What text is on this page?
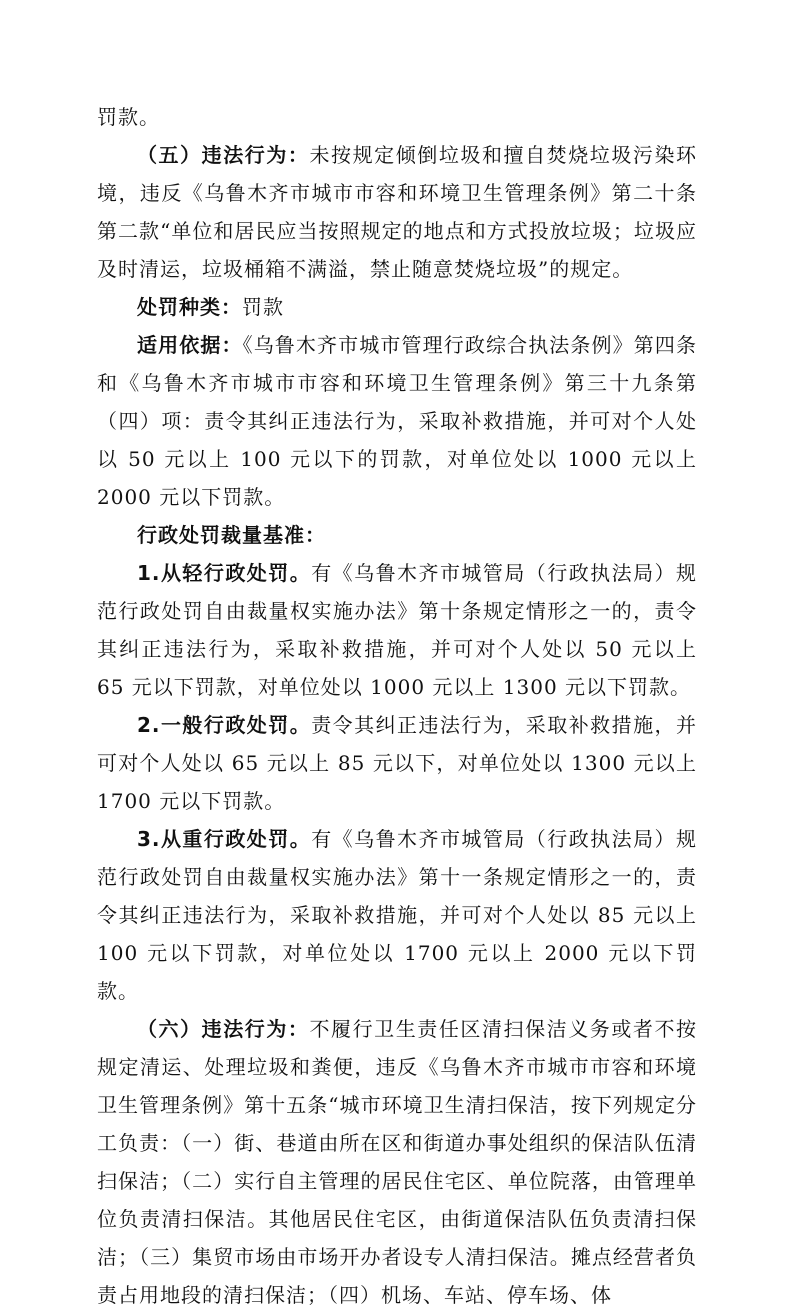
罚款。

（五）违法行为：未按规定倾倒垃圾和擅自焚烧垃圾污染环境，违反《乌鲁木齐市城市市容和环境卫生管理条例》第二十条第二款“单位和居民应当按照规定的地点和方式投放垃圾；垃圾应及时清运，垃圾桶箱不满溢，禁止随意焚烧垃圾”的规定。

处罚种类：罚款

适用依据：《乌鲁木齐市城市管理行政综合执法条例》第四条和《乌鲁木齐市城市市容和环境卫生管理条例》第三十九条第（四）项：责令其纠正违法行为，采取补救措施，并可对个人处以 50 元以上 100 元以下的罚款，对单位处以 1000 元以上 2000 元以下罚款。

行政处罚裁量基准：

1.从轻行政处罚。有《乌鲁木齐市城管局（行政执法局）规范行政处罚自由裁量权实施办法》第十条规定情形之一的，责令其纠正违法行为，采取补救措施，并可对个人处以 50 元以上 65 元以下罚款，对单位处以 1000 元以上 1300 元以下罚款。

2.一般行政处罚。责令其纠正违法行为，采取补救措施，并可对个人处以 65 元以上 85 元以下，对单位处以 1300 元以上 1700 元以下罚款。

3.从重行政处罚。有《乌鲁木齐市城管局（行政执法局）规范行政处罚自由裁量权实施办法》第十一条规定情形之一的，责令其纠正违法行为，采取补救措施，并可对个人处以 85 元以上 100 元以下罚款，对单位处以 1700 元以上 2000 元以下罚款。

（六）违法行为：不履行卫生责任区清扫保洁义务或者不按规定清运、处理垃圾和粪便，违反《乌鲁木齐市城市市容和环境卫生管理条例》第十五条“城市环境卫生清扫保洁，按下列规定分工负责：（一）街、巷道由所在区和街道办事处组织的保洁队伍清扫保洁；（二）实行自主管理的居民住宅区、单位院落，由管理单位负责清扫保洁。其他居民住宅区，由街道保洁队伍负责清扫保洁；（三）集贸市场由市场开办者设专人清扫保洁。摊点经营者负责占用地段的清扫保洁；（四）机场、车站、停车场、体
